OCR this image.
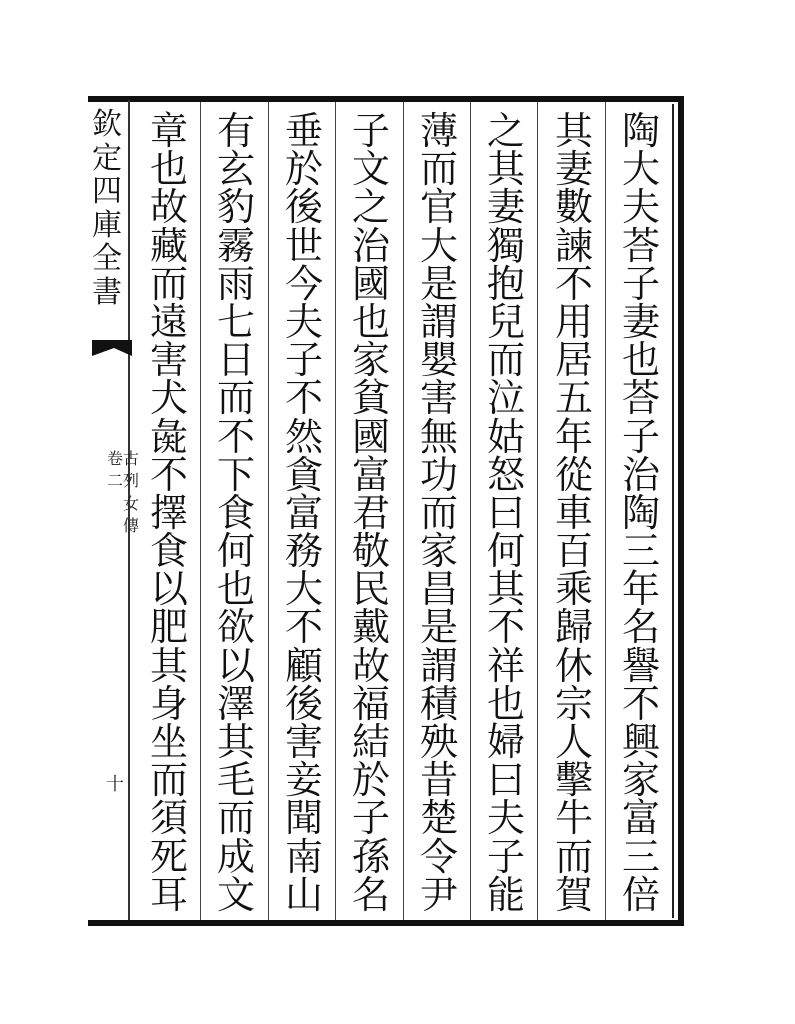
欽
定
四
庫
全
書
卷
二
古
列
女
傳
十
陶
大
夫
荅
子
妻
也
荅
子
治
陶
三
年
名
譽
不
興
家
富
三
倍
其
妻
數
諫
不
用
居
五
年
從
車
百
乘
歸
休
宗
人
擊
牛
而
賀
之
其
妻
獨
抱
兒
而
泣
姑
怒
曰
何
其
不
祥
也
婦
曰
夫
子
能
薄
而
官
大
是
謂
嬰
害
無
功
而
家
昌
是
謂
積
殃
昔
楚
令
尹
子
文
之
治
國
也
家
貧
國
富
君
敬
民
戴
故
福
結
於
子
孫
名
垂
於
後
世
今
夫
子
不
然
貪
富
務
大
不
顧
後
害
妾
聞
南
山
有
玄
豹
霧
雨
七
日
而
不
下
食
何
也
欲
以
澤
其
毛
而
成
文
章
也
故
藏
而
遠
害
犬
彘
不
擇
食
以
肥
其
身
坐
而
須
死
耳
